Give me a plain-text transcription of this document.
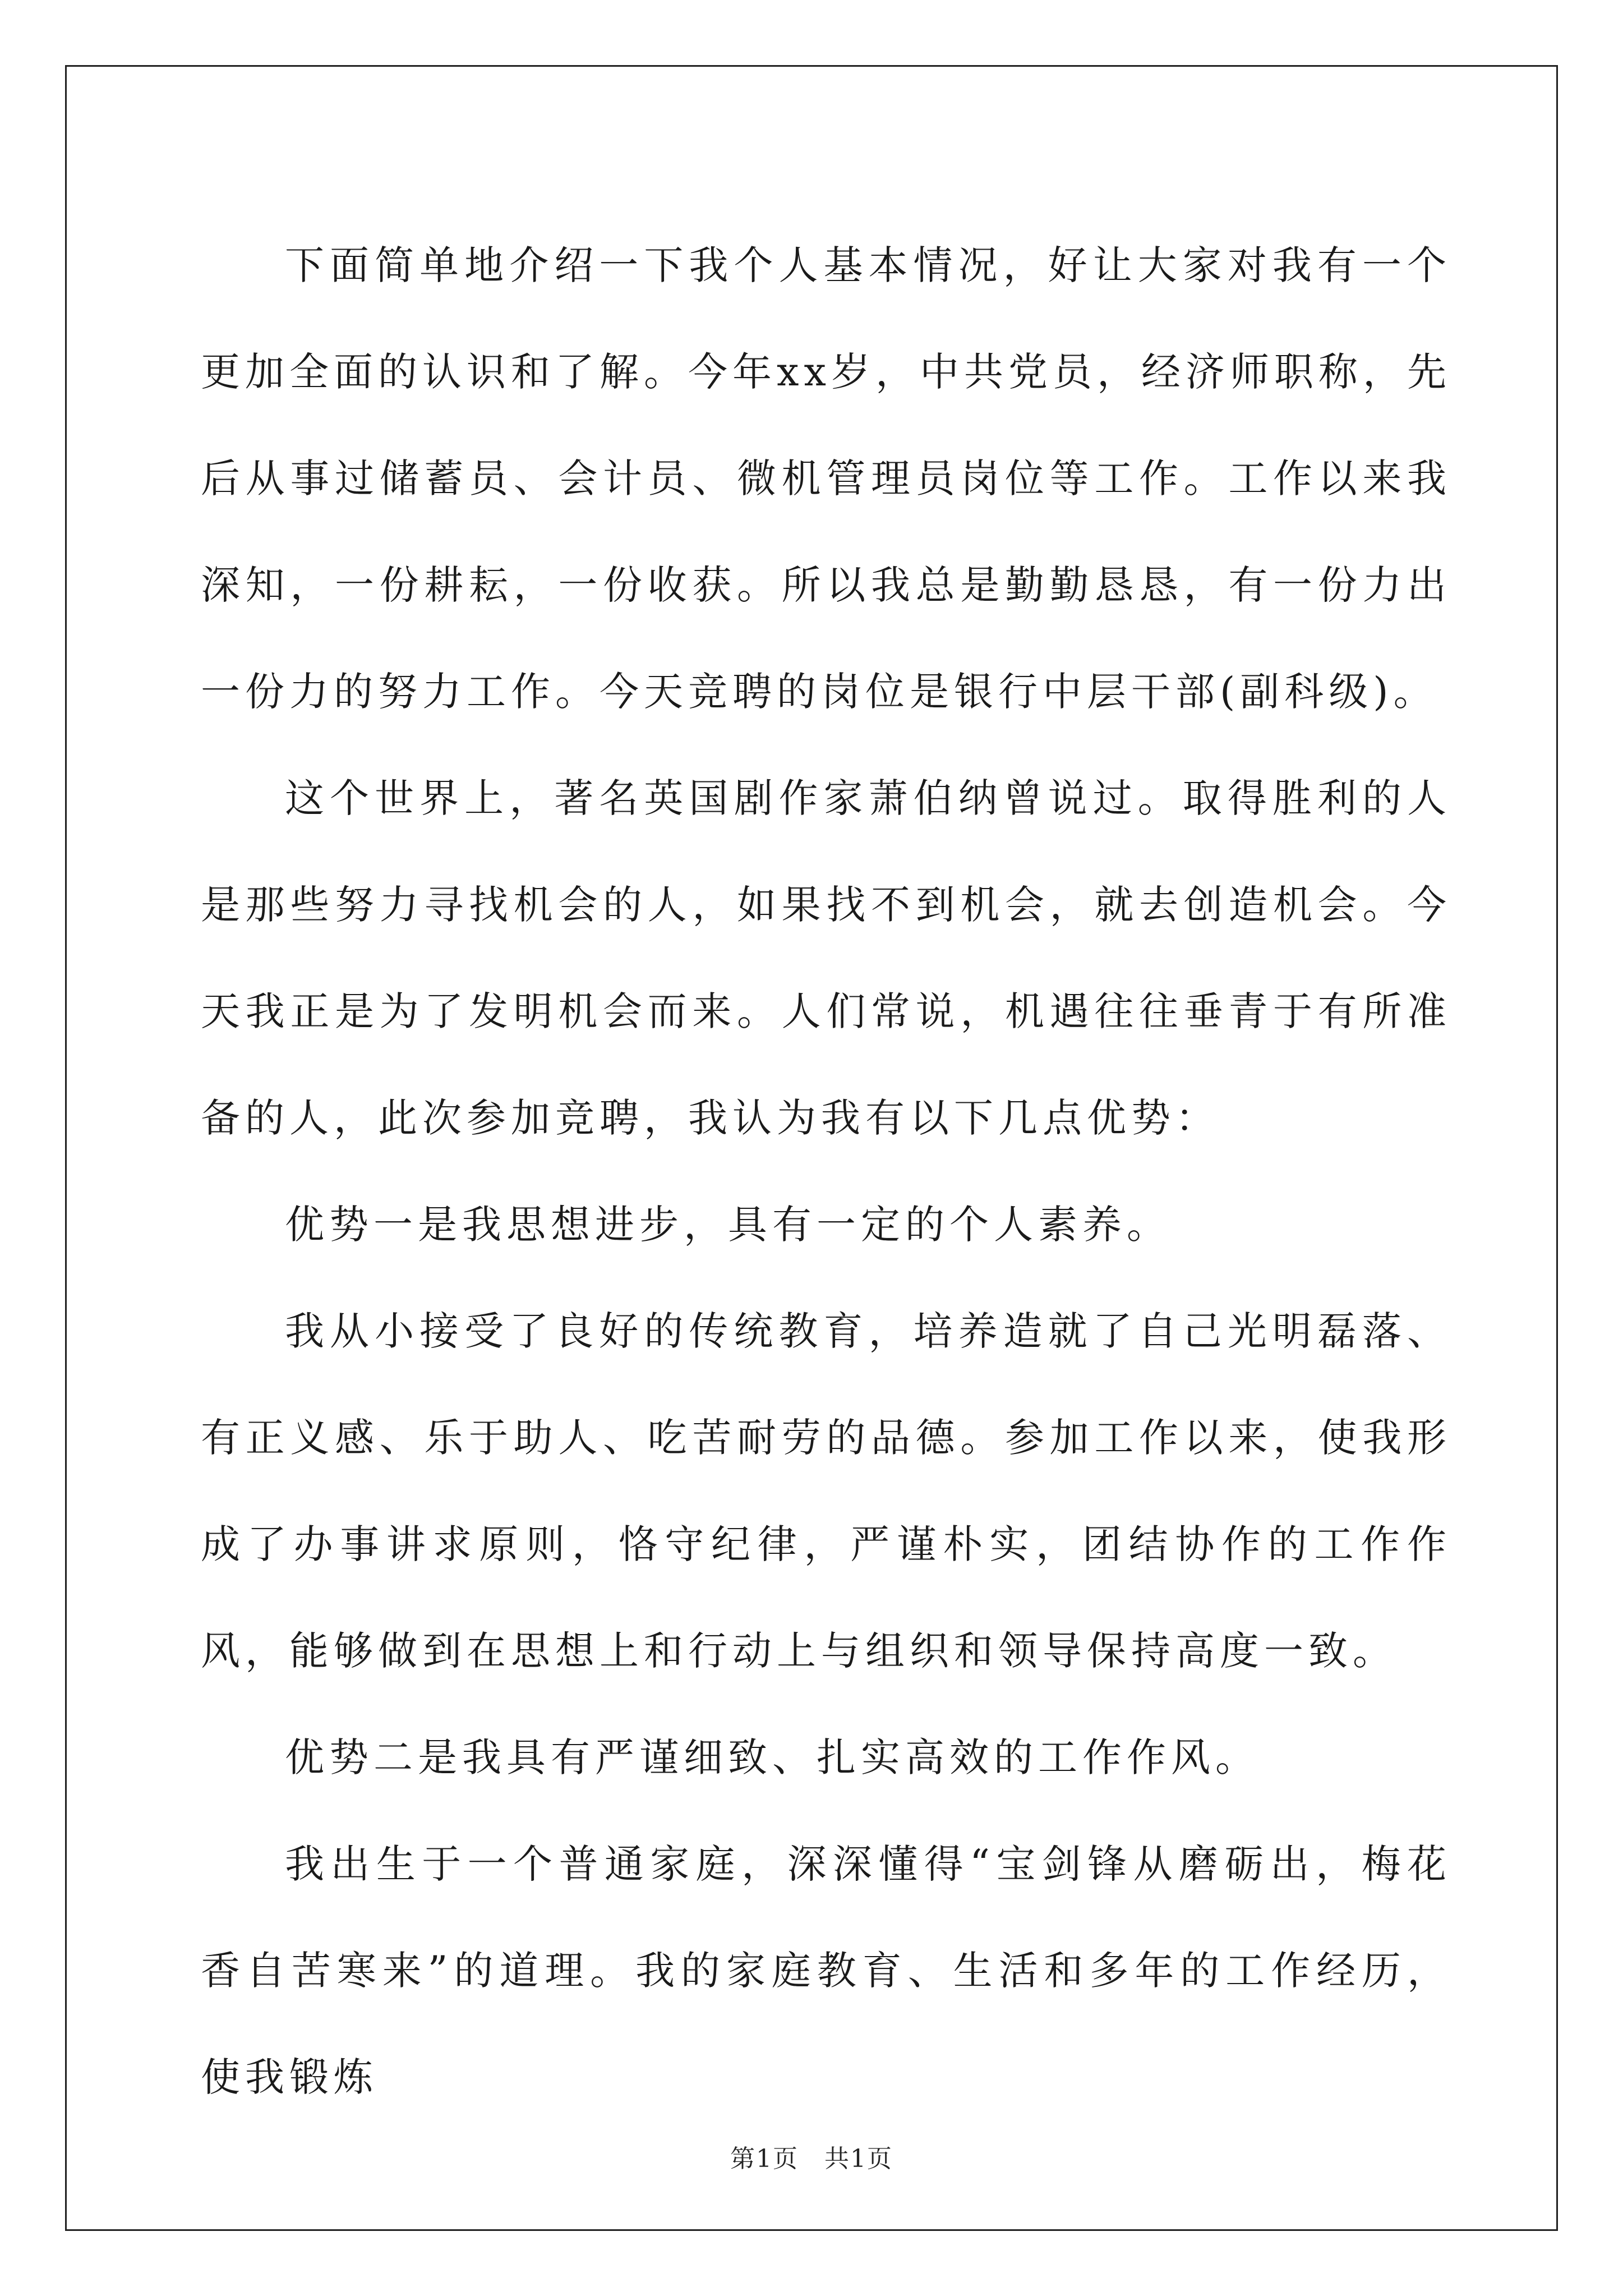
下面简单地介绍一下我个人基本情况，好让大家对我有一个更加全面的认识和了解。今年xx岁，中共党员，经济师职称，先后从事过储蓄员、会计员、微机管理员岗位等工作。工作以来我深知，一份耕耘，一份收获。所以我总是勤勤恳恳，有一份力出一份力的努力工作。今天竞聘的岗位是银行中层干部(副科级)。

这个世界上，著名英国剧作家萧伯纳曾说过。取得胜利的人是那些努力寻找机会的人，如果找不到机会，就去创造机会。今天我正是为了发明机会而来。人们常说，机遇往往垂青于有所准备的人，此次参加竞聘，我认为我有以下几点优势：

优势一是我思想进步，具有一定的个人素养。

我从小接受了良好的传统教育，培养造就了自己光明磊落、有正义感、乐于助人、吃苦耐劳的品德。参加工作以来，使我形成了办事讲求原则，恪守纪律，严谨朴实，团结协作的工作作风，能够做到在思想上和行动上与组织和领导保持高度一致。

优势二是我具有严谨细致、扎实高效的工作作风。

我出生于一个普通家庭，深深懂得“宝剑锋从磨砺出，梅花香自苦寒来”的道理。我的家庭教育、生活和多年的工作经历，使我锻炼

第1页　共1页
